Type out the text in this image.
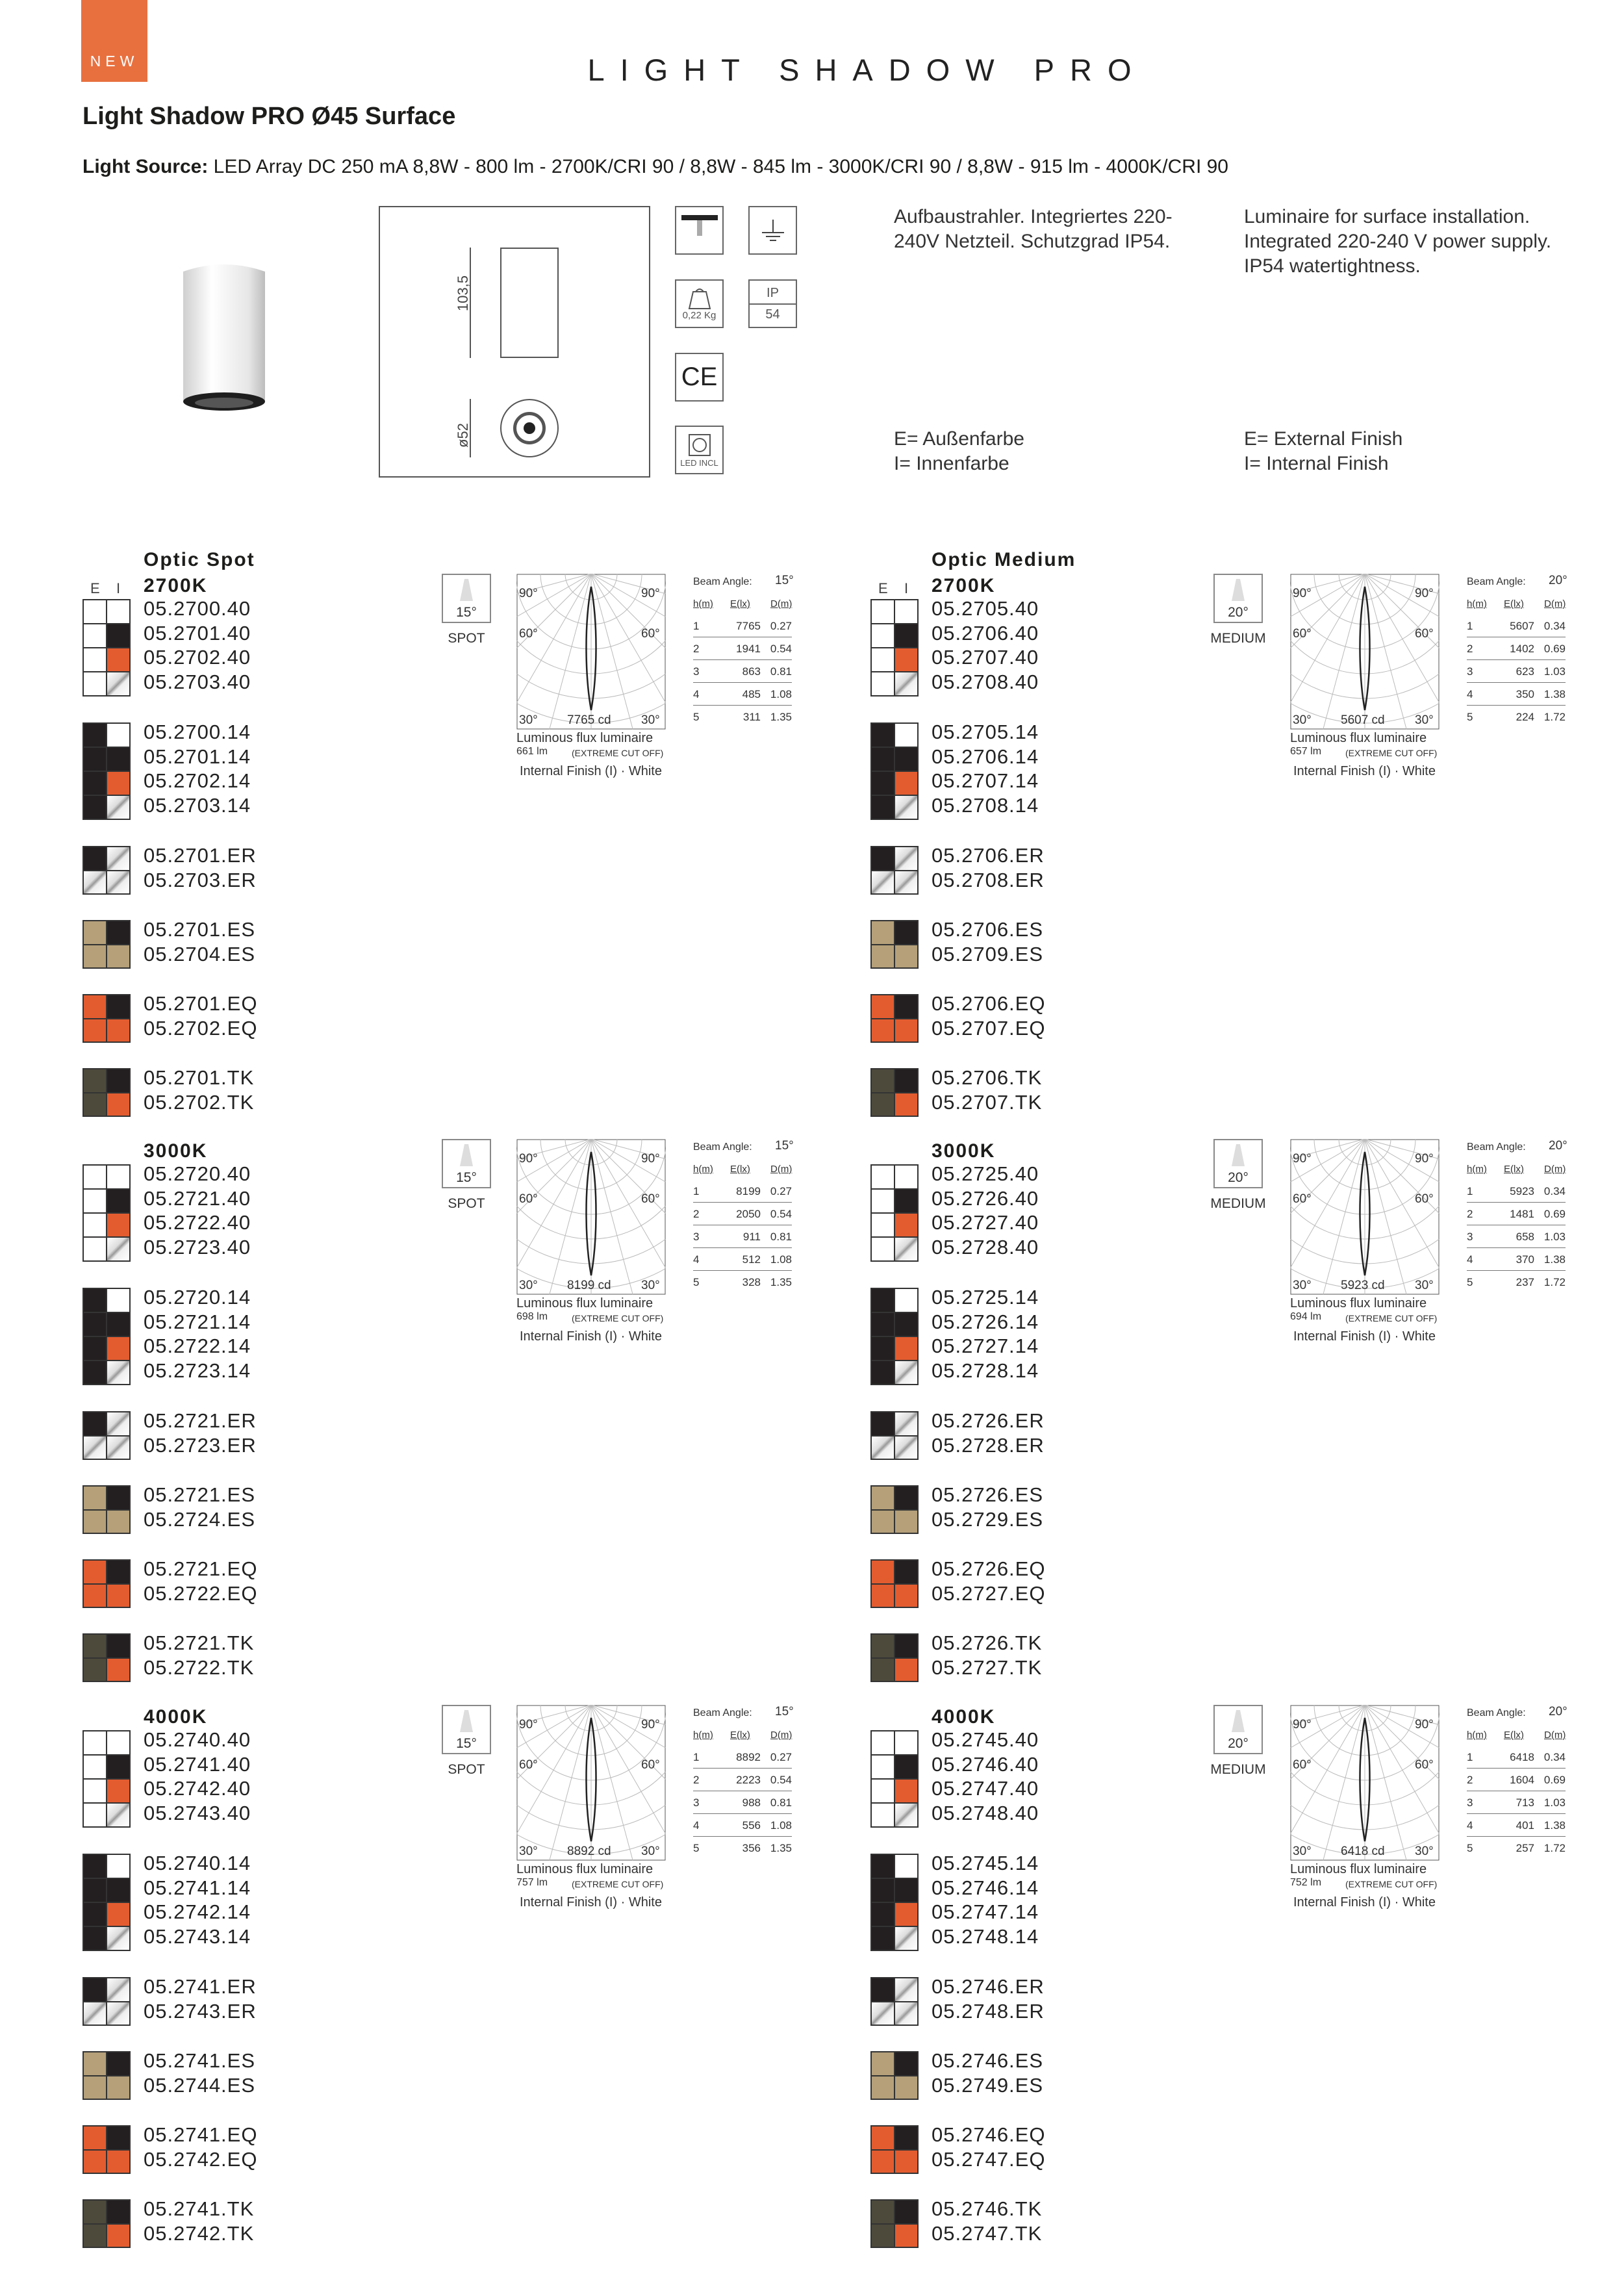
NEW	LIGHT SHADOW PRO
Light Shadow PRO Ø45 Surface
Light Source: LED Array DC 250 mA 8,8W - 800 lm - 2700K/CRI 90 / 8,8W - 845 lm - 3000K/CRI 90 / 8,8W - 915 lm - 4000K/CRI 90
103,5
ø52
0,22 Kg
IP
54
CE
LED INCL
Aufbaustrahler. Integriertes 220-240V Netzteil. Schutzgrad IP54.
Luminaire for surface installation. Integrated 220-240 V power supply. IP54 watertightness.
E= Außenfarbe
I= Innenfarbe
E= External Finish
I= Internal Finish
Optic Spot
E I 2700K
05.2700.40
05.2701.40
05.2702.40
05.2703.40
05.2700.14
05.2701.14
05.2702.14
05.2703.14
05.2701.ER
05.2703.ER
05.2701.ES
05.2704.ES
05.2701.EQ
05.2702.EQ
05.2701.TK
05.2702.TK
15°
SPOT
90°	90°
60°	60°
30°	30°
7765 cd
Luminous flux luminaire
661 lm	(EXTREME CUT OFF)
Internal Finish (I) · White
Beam Angle: 15°
h(m) E(lx) D(m)
1	7765 0.27
2	1941 0.54
3	863 0.81
4	485 1.08
5	311 1.35
3000K
05.2720.40
05.2721.40
05.2722.40
05.2723.40
05.2720.14
05.2721.14
05.2722.14
05.2723.14
05.2721.ER
05.2723.ER
05.2721.ES
05.2724.ES
05.2721.EQ
05.2722.EQ
05.2721.TK
05.2722.TK
15°
SPOT
90°	90°
60°	60°
30°	30°
8199 cd
Luminous flux luminaire
698 lm	(EXTREME CUT OFF)
Internal Finish (I) · White
Beam Angle: 15°
h(m) E(lx) D(m)
1	8199 0.27
2	2050 0.54
3	911 0.81
4	512 1.08
5	328 1.35
4000K
05.2740.40
05.2741.40
05.2742.40
05.2743.40
05.2740.14
05.2741.14
05.2742.14
05.2743.14
05.2741.ER
05.2743.ER
05.2741.ES
05.2744.ES
05.2741.EQ
05.2742.EQ
05.2741.TK
05.2742.TK
15°
SPOT
90°	90°
60°	60°
30°	30°
8892 cd
Luminous flux luminaire
757 lm	(EXTREME CUT OFF)
Internal Finish (I) · White
Beam Angle: 15°
h(m) E(lx) D(m)
1	8892 0.27
2	2223 0.54
3	988 0.81
4	556 1.08
5	356 1.35
Optic Medium
E I 2700K
05.2705.40
05.2706.40
05.2707.40
05.2708.40
05.2705.14
05.2706.14
05.2707.14
05.2708.14
05.2706.ER
05.2708.ER
05.2706.ES
05.2709.ES
05.2706.EQ
05.2707.EQ
05.2706.TK
05.2707.TK
20°
MEDIUM
90°	90°
60°	60°
30°	30°
5607 cd
Luminous flux luminaire
657 lm	(EXTREME CUT OFF)
Internal Finish (I) · White
Beam Angle: 20°
h(m) E(lx) D(m)
1	5607 0.34
2	1402 0.69
3	623 1.03
4	350 1.38
5	224 1.72
3000K
05.2725.40
05.2726.40
05.2727.40
05.2728.40
05.2725.14
05.2726.14
05.2727.14
05.2728.14
05.2726.ER
05.2728.ER
05.2726.ES
05.2729.ES
05.2726.EQ
05.2727.EQ
05.2726.TK
05.2727.TK
20°
MEDIUM
90°	90°
60°	60°
30°	30°
5923 cd
Luminous flux luminaire
694 lm	(EXTREME CUT OFF)
Internal Finish (I) · White
Beam Angle: 20°
h(m) E(lx) D(m)
1	5923 0.34
2	1481 0.69
3	658 1.03
4	370 1.38
5	237 1.72
4000K
05.2745.40
05.2746.40
05.2747.40
05.2748.40
05.2745.14
05.2746.14
05.2747.14
05.2748.14
05.2746.ER
05.2748.ER
05.2746.ES
05.2749.ES
05.2746.EQ
05.2747.EQ
05.2746.TK
05.2747.TK
20°
MEDIUM
90°	90°
60°	60°
30°	30°
6418 cd
Luminous flux luminaire
752 lm	(EXTREME CUT OFF)
Internal Finish (I) · White
Beam Angle: 20°
h(m) E(lx) D(m)
1	6418 0.34
2	1604 0.69
3	713 1.03
4	401 1.38
5	257 1.72
